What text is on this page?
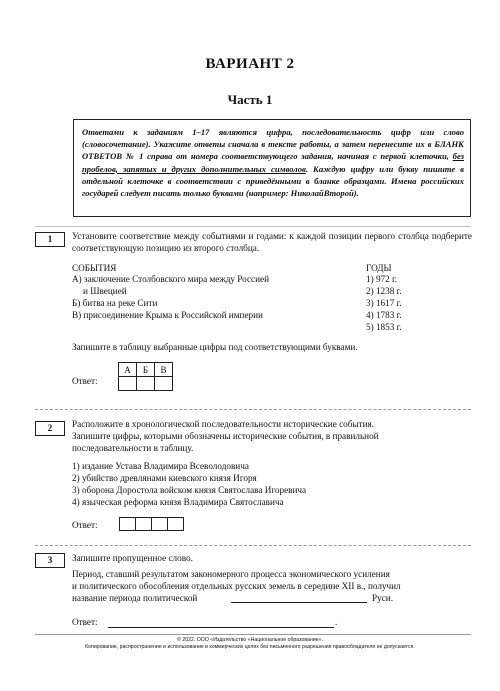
ВАРИАНТ 2
Часть 1
Ответами к заданиям 1–17 являются цифра, последовательность цифр или слово (словосочетание). Укажите ответы сначала в тексте работы, а затем перенесите их в БЛАНК ОТВЕТОВ № 1 справа от номера соответствующего задания, начиная с первой клеточки, без пробелов, запятых и других дополнительных символов. Каждую цифру или букву пишите в отдельной клеточке в соответствии с приведёнными в бланке образцами. Имена российских государей следует писать только буквами (например: НиколайВторой).
1	Установите соответствие между событиями и годами: к каждой позиции первого столбца подберите соответствующую позицию из второго столбца.
СОБЫТИЯ	ГОДЫ
А) заключение Столбовского мира между Россией
и Швецией
Б) битва на реке Сити
В) присоединение Крыма к Российской империи
1) 972 г.
2) 1238 г.
3) 1617 г.
4) 1783 г.
5) 1853 г.
Запишите в таблицу выбранные цифры под соответствующими буквами.
Ответ:
А	Б	В

2	Расположите в хронологической последовательности исторические события.
Запишите цифры, которыми обозначены исторические события, в правильной
последовательности в таблицу.
1) издание Устава Владимира Всеволодовича
2) убийство древлянами киевского князя Игоря
3) оборона Доростола войском князя Святослава Игоревича
4) языческая реформа князя Владимира Святославича
Ответ:
3	Запишите пропущенное слово.
Период, ставший результатом закономерного процесса экономического усиления
и политического обособления отдельных русских земель в середине XII в., получил
название периода политической	Руси.
Ответ:	.
© 2022. ООО «Издательство «Национальное образование».
Копирование, распространение и использование в коммерческих целях без письменного разрешения правообладателя не допускается.
